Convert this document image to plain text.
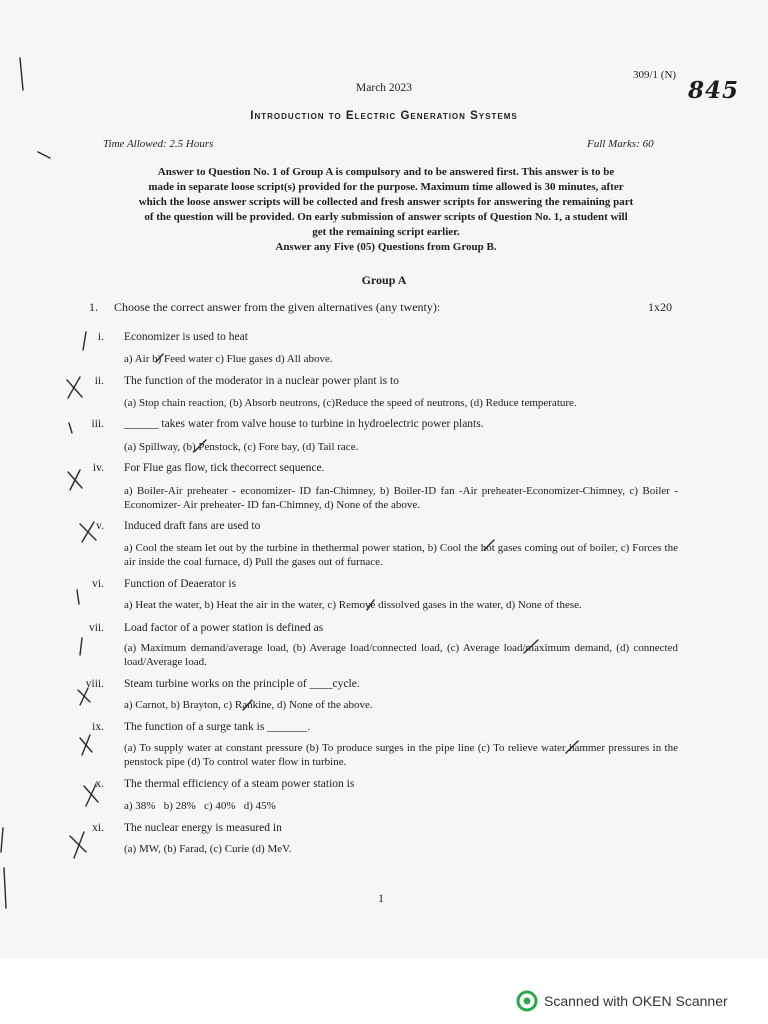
309/1 (N)
845
March 2023
Introduction to Electric Generation Systems
Time Allowed: 2.5 Hours	Full Marks: 60
Answer to Question No. 1 of Group A is compulsory and to be answered first. This answer is to be
made in separate loose script(s) provided for the purpose. Maximum time allowed is 30 minutes, after
which the loose answer scripts will be collected and fresh answer scripts for answering the remaining part
of the question will be provided. On early submission of answer scripts of Question No. 1, a student will
get the remaining script earlier.
Answer any Five (05) Questions from Group B.
Group A
1. Choose the correct answer from the given alternatives (any twenty):	1x20
i. Economizer is used to heat
a) Air b) Feed water c) Flue gases d) All above.
ii. The function of the moderator in a nuclear power plant is to
(a) Stop chain reaction, (b) Absorb neutrons, (c)Reduce the speed of neutrons, (d) Reduce temperature.
iii. ______ takes water from valve house to turbine in hydroelectric power plants.
(a) Spillway, (b) Penstock, (c) Fore bay, (d) Tail race.
iv. For Flue gas flow, tick thecorrect sequence.
a) Boiler-Air preheater - economizer- ID fan-Chimney, b) Boiler-ID fan -Air preheater-Economizer-Chimney, c) Boiler - Economizer- Air preheater- ID fan-Chimney, d) None of the above.
v. Induced draft fans are used to
a) Cool the steam let out by the turbine in thethermal power station, b) Cool the hot gases coming out of boiler, c) Forces the air inside the coal furnace, d) Pull the gases out of furnace.
vi. Function of Deaerator is
a) Heat the water, b) Heat the air in the water, c) Remove dissolved gases in the water, d) None of these.
vii. Load factor of a power station is defined as
(a) Maximum demand/average load, (b) Average load/connected load, (c) Average load/maximum demand, (d) connected load/Average load.
viii. Steam turbine works on the principle of ____cycle.
a) Carnot, b) Brayton, c) Rankine, d) None of the above.
ix. The function of a surge tank is _______.
(a) To supply water at constant pressure (b) To produce surges in the pipe line (c) To relieve water hammer pressures in the penstock pipe (d) To control water flow in turbine.
x. The thermal efficiency of a steam power station is
a) 38%   b) 28%   c) 40%   d) 45%
xi. The nuclear energy is measured in
(a) MW, (b) Farad, (c) Curie (d) MeV.
1
Scanned with OKEN Scanner
